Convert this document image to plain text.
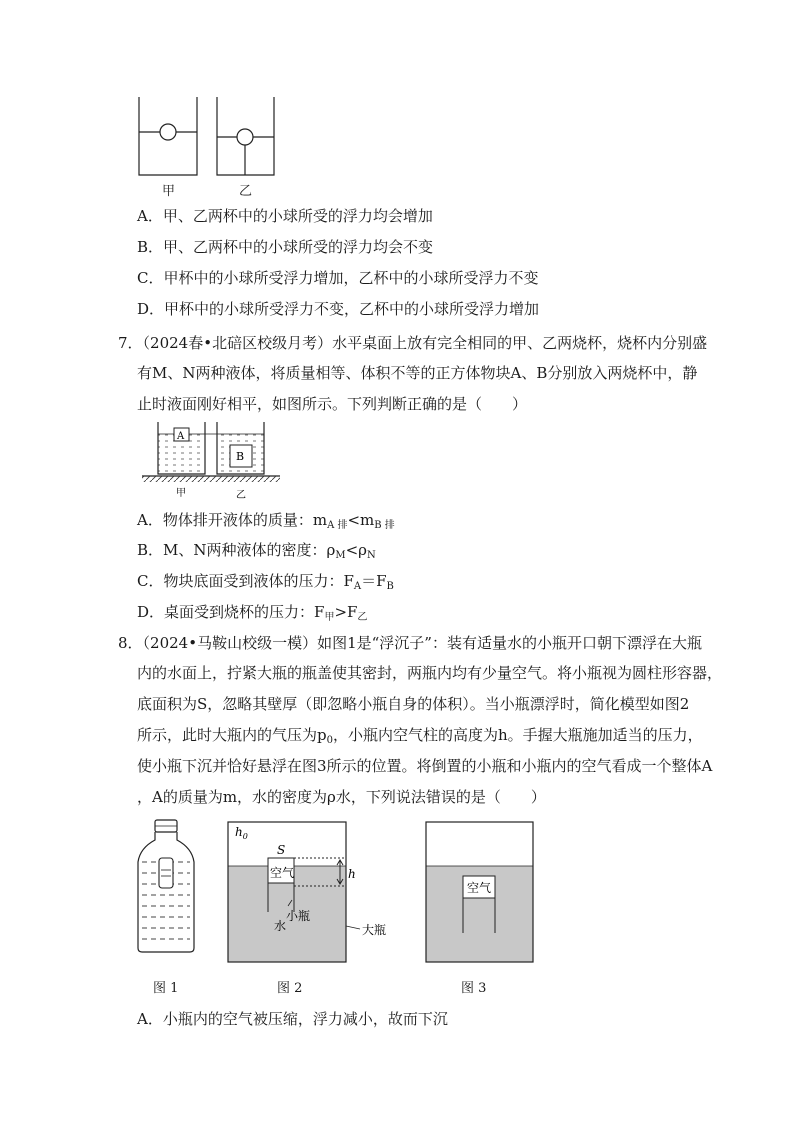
甲	乙
A．甲、乙两杯中的小球所受的浮力均会增加
B．甲、乙两杯中的小球所受的浮力均会不变
C．甲杯中的小球所受浮力增加，乙杯中的小球所受浮力不变
D．甲杯中的小球所受浮力不变，乙杯中的小球所受浮力增加
7．（2024春•北碚区校级月考）水平桌面上放有完全相同的甲、乙两烧杯，烧杯内分别盛
有M、N两种液体，将质量相等、体积不等的正方体物块A、B分别放入两烧杯中，静
止时液面刚好相平，如图所示。下列判断正确的是（　　）
A
B
甲	乙
A．物体排开液体的质量：$m_{A 排}<m_{B 排}$
B．M、N两种液体的密度：$\rho_M<\rho_N$
C．物块底面受到液体的压力：$F_A=F_B$
D．桌面受到烧杯的压力：$F_甲>F_乙$
8．（2024•马鞍山校级一模）如图1是“浮沉子”：装有适量水的小瓶开口朝下漂浮在大瓶
内的水面上，拧紧大瓶的瓶盖使其密封，两瓶内均有少量空气。将小瓶视为圆柱形容器，
底面积为S，忽略其壁厚（即忽略小瓶自身的体积）。当小瓶漂浮时，简化模型如图2
所示，此时大瓶内的气压为$p_0$，小瓶内空气柱的高度为h。手握大瓶施加适当的压力，
使小瓶下沉并恰好悬浮在图3所示的位置。将倒置的小瓶和小瓶内的空气看成一个整体A
，A的质量为m，水的密度为ρ水，下列说法错误的是（　　）
图 1
$h_0$
S
空气	h
小瓶
水	大瓶
图 2
空气
图 3
A．小瓶内的空气被压缩，浮力减小，故而下沉
